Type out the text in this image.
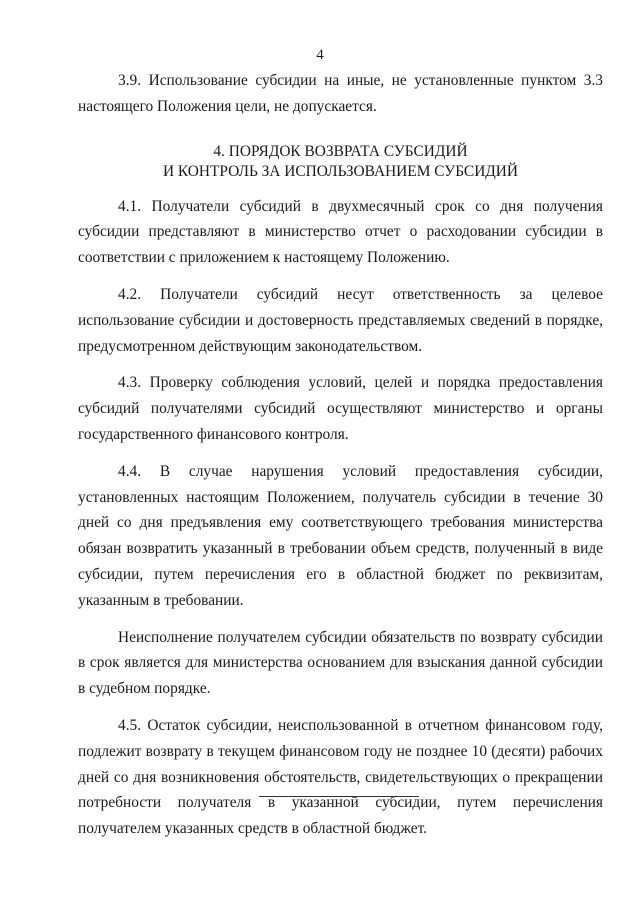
4

3.9. Использование субсидии на иные, не установленные пунктом 3.3 настоящего Положения цели, не допускается.

4. ПОРЯДОК ВОЗВРАТА СУБСИДИЙ
И КОНТРОЛЬ ЗА ИСПОЛЬЗОВАНИЕМ СУБСИДИЙ

4.1. Получатели субсидий в двухмесячный срок со дня получения субсидии представляют в министерство отчет о расходовании субсидии в соответствии с приложением к настоящему Положению.

4.2. Получатели субсидий несут ответственность за целевое использование субсидии и достоверность представляемых сведений в порядке, предусмотренном действующим законодательством.

4.3. Проверку соблюдения условий, целей и порядка предоставления субсидий получателями субсидий осуществляют министерство и органы государственного финансового контроля.

4.4. В случае нарушения условий предоставления субсидии, установленных настоящим Положением, получатель субсидии в течение 30 дней со дня предъявления ему соответствующего требования министерства обязан возвратить указанный в требовании объем средств, полученный в виде субсидии, путем перечисления его в областной бюджет по реквизитам, указанным в требовании.

Неисполнение получателем субсидии обязательств по возврату субсидии в срок является для министерства основанием для взыскания данной субсидии в судебном порядке.

4.5. Остаток субсидии, неиспользованной в отчетном финансовом году, подлежит возврату в текущем финансовом году не позднее 10 (десяти) рабочих дней со дня возникновения обстоятельств, свидетельствующих о прекращении потребности получателя в указанной субсидии, путем перечисления получателем указанных средств в областной бюджет.
